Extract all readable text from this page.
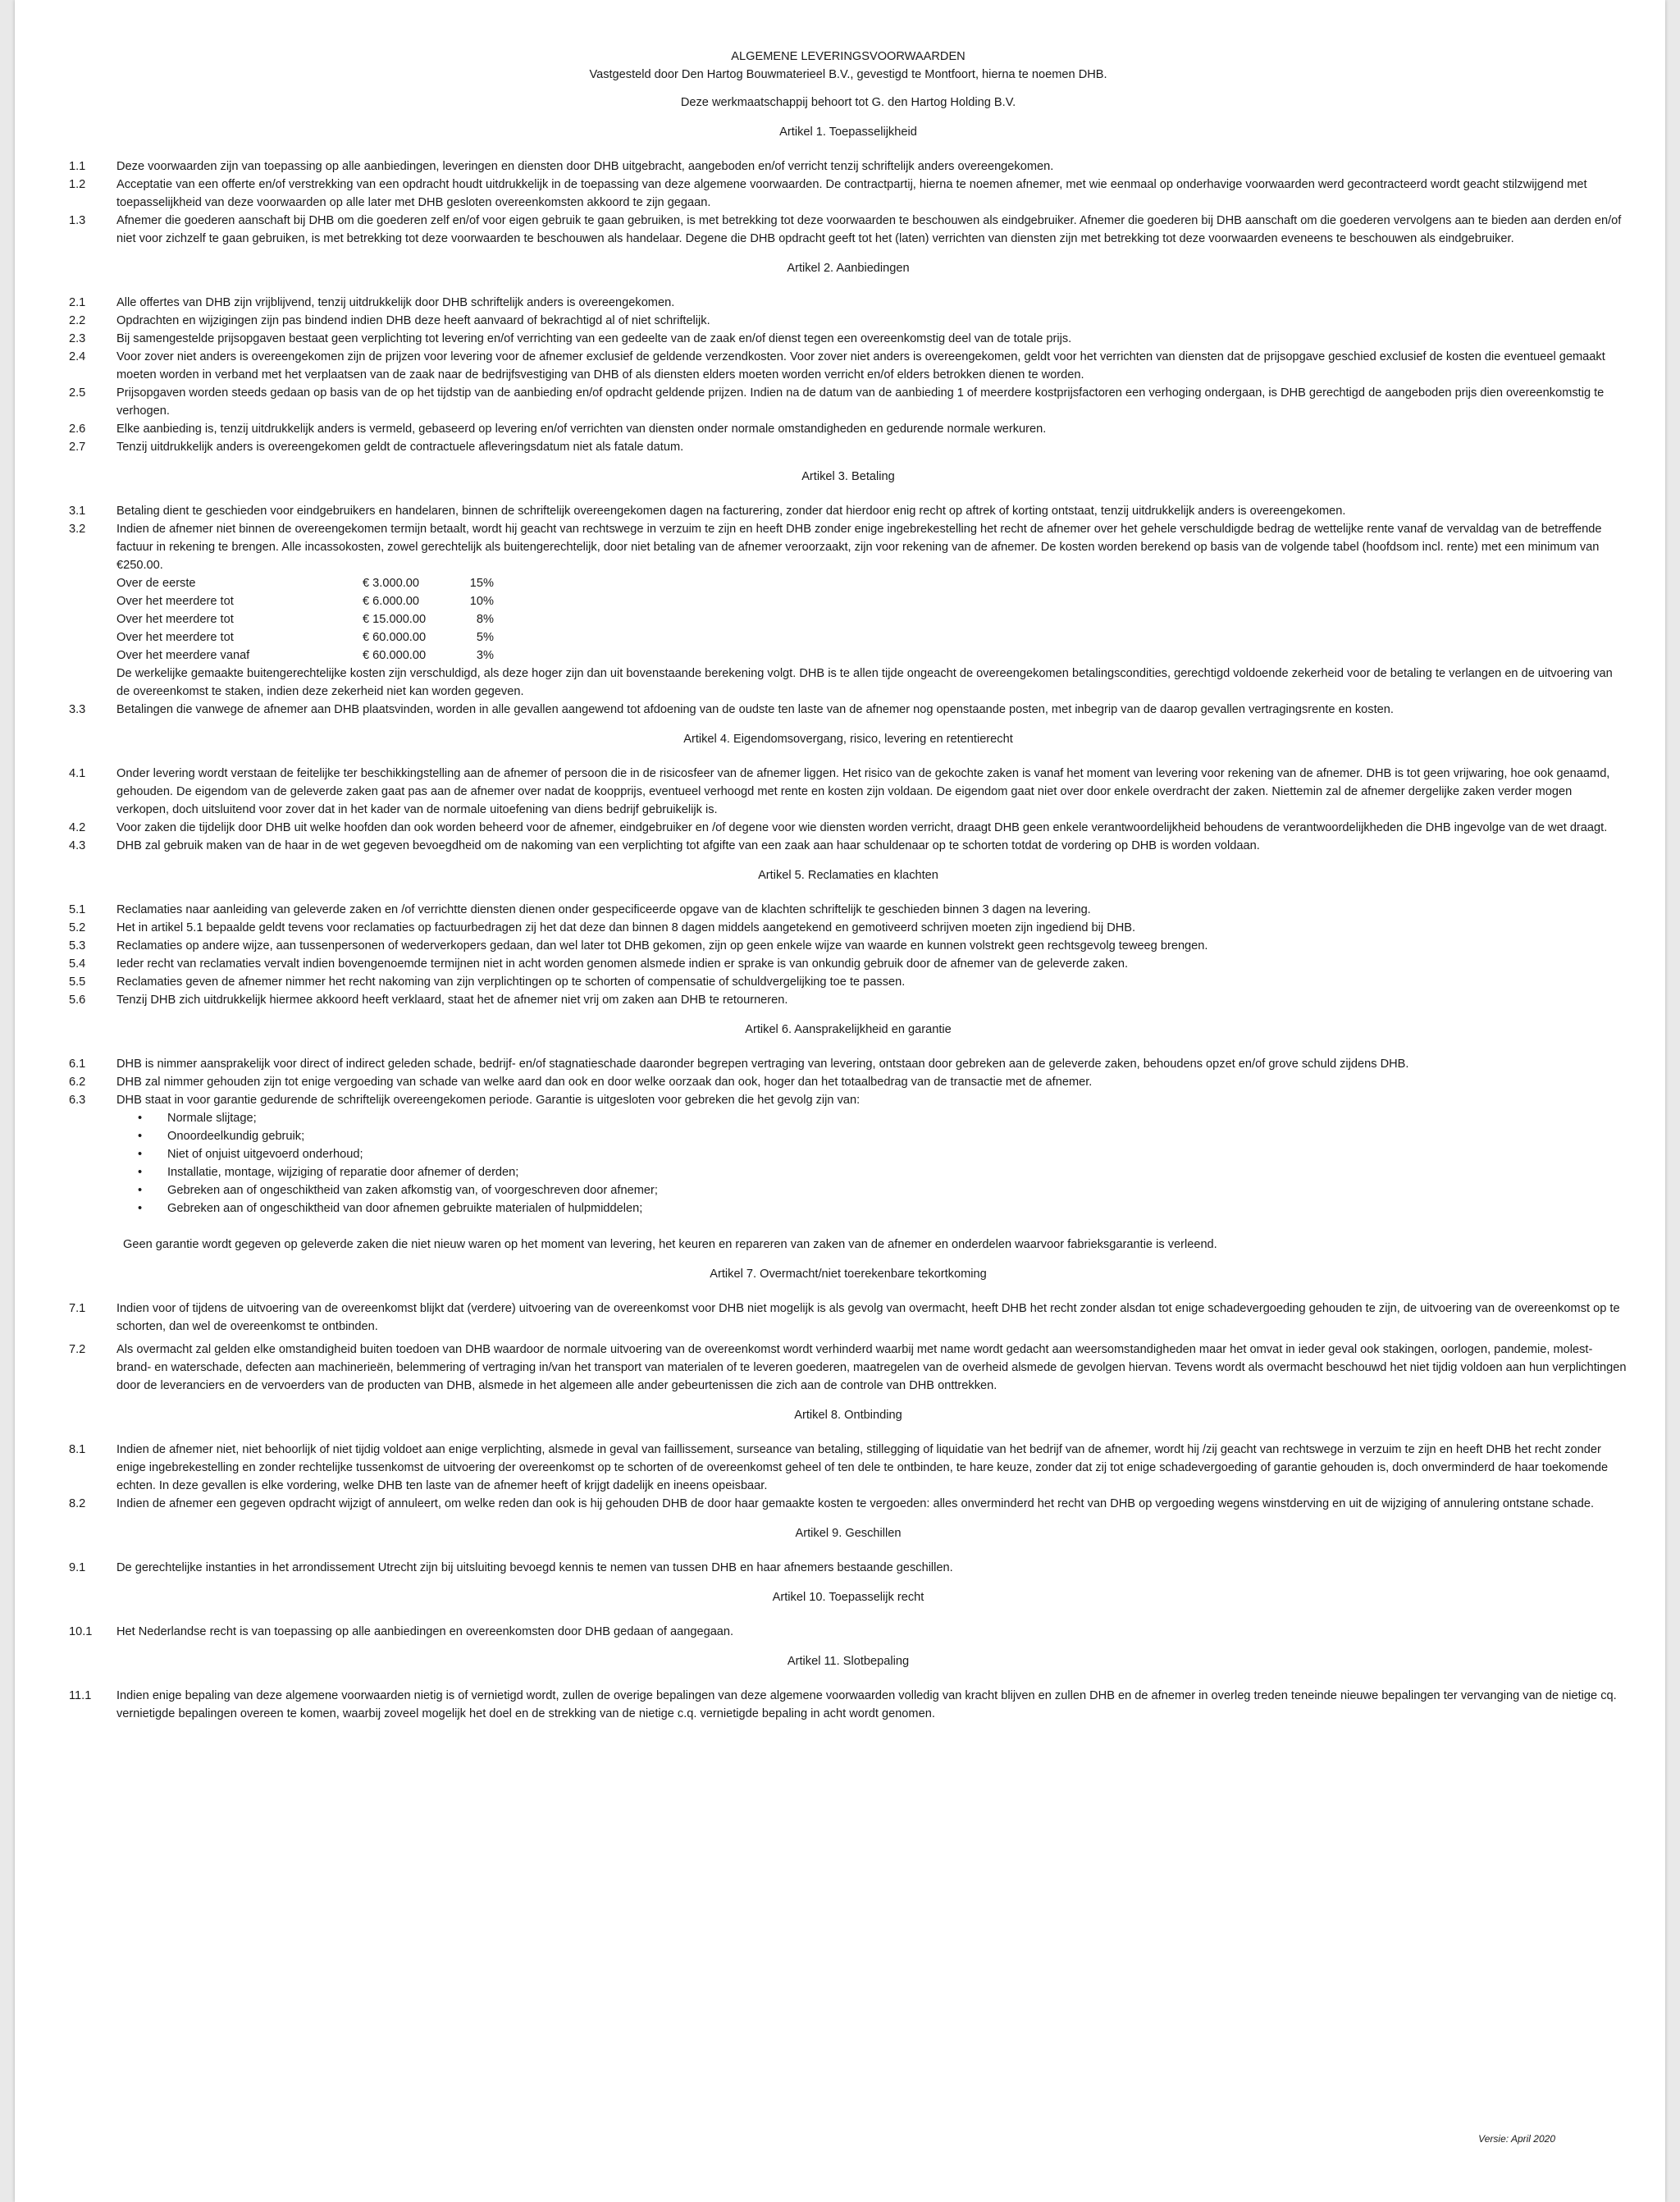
ALGEMENE LEVERINGSVOORWAARDEN
Vastgesteld door Den Hartog Bouwmaterieel B.V., gevestigd te Montfoort, hierna te noemen DHB.
Deze werkmaatschappij behoort tot G. den Hartog Holding B.V.
Artikel 1. Toepasselijkheid
1.1	Deze voorwaarden zijn van toepassing op alle aanbiedingen, leveringen en diensten door DHB uitgebracht, aangeboden en/of verricht tenzij schriftelijk anders overeengekomen.
1.2	Acceptatie van een offerte en/of verstrekking van een opdracht houdt uitdrukkelijk in de toepassing van deze algemene voorwaarden. De contractpartij, hierna te noemen afnemer, met wie eenmaal op onderhavige voorwaarden werd gecontracteerd wordt geacht stilzwijgend met toepasselijkheid van deze voorwaarden op alle later met DHB gesloten overeenkomsten akkoord te zijn gegaan.
1.3	Afnemer die goederen aanschaft bij DHB om die goederen zelf en/of voor eigen gebruik te gaan gebruiken, is met betrekking tot deze voorwaarden te beschouwen als eindgebruiker. Afnemer die goederen bij DHB aanschaft om die goederen vervolgens aan te bieden aan derden en/of niet voor zichzelf te gaan gebruiken, is met betrekking tot deze voorwaarden te beschouwen als handelaar. Degene die DHB opdracht geeft tot het (laten) verrichten van diensten zijn met betrekking tot deze voorwaarden eveneens te beschouwen als eindgebruiker.
Artikel 2. Aanbiedingen
2.1	Alle offertes van DHB zijn vrijblijvend, tenzij uitdrukkelijk door DHB schriftelijk anders is overeengekomen.
2.2	Opdrachten en wijzigingen zijn pas bindend indien DHB deze heeft aanvaard of bekrachtigd al of niet schriftelijk.
2.3	Bij samengestelde prijsopgaven bestaat geen verplichting tot levering en/of verrichting van een gedeelte van de zaak en/of dienst tegen een overeenkomstig deel van de totale prijs.
2.4	Voor zover niet anders is overeengekomen zijn de prijzen voor levering voor de afnemer exclusief de geldende verzendkosten. Voor zover niet anders is overeengekomen, geldt voor het verrichten van diensten dat de prijsopgave geschied exclusief de kosten die eventueel gemaakt moeten worden in verband met het verplaatsen van de zaak naar de bedrijfsvestiging van DHB of als diensten elders moeten worden verricht en/of elders betrokken dienen te worden.
2.5	Prijsopgaven worden steeds gedaan op basis van de op het tijdstip van de aanbieding en/of opdracht geldende prijzen. Indien na de datum van de aanbieding 1 of meerdere kostprijsfactoren een verhoging ondergaan, is DHB gerechtigd de aangeboden prijs dien overeenkomstig te verhogen.
2.6	Elke aanbieding is, tenzij uitdrukkelijk anders is vermeld, gebaseerd op levering en/of verrichten van diensten onder normale omstandigheden en gedurende normale werkuren.
2.7	Tenzij uitdrukkelijk anders is overeengekomen geldt de contractuele afleveringsdatum niet als fatale datum.
Artikel 3. Betaling
3.1	Betaling dient te geschieden voor eindgebruikers en handelaren, binnen de schriftelijk overeengekomen dagen na facturering, zonder dat hierdoor enig recht op aftrek of korting ontstaat, tenzij uitdrukkelijk anders is overeengekomen.
3.2	Indien de afnemer niet binnen de overeengekomen termijn betaalt, wordt hij geacht van rechtswege in verzuim te zijn en heeft DHB zonder enige ingebrekestelling het recht de afnemer over het gehele verschuldigde bedrag de wettelijke rente vanaf de vervaldag van de betreffende factuur in rekening te brengen. Alle incassokosten, zowel gerechtelijk als buitengerechtelijk, door niet betaling van de afnemer veroorzaakt, zijn voor rekening van de afnemer. De kosten worden berekend op basis van de volgende tabel (hoofdsom incl. rente) met een minimum van €250.00.
Over de eerste	€ 3.000.00	15%
Over het meerdere tot	€ 6.000.00	10%
Over het meerdere tot	€ 15.000.00	8%
Over het meerdere tot	€ 60.000.00	5%
Over het meerdere vanaf	€ 60.000.00	3%
De werkelijke gemaakte buitengerechtelijke kosten zijn verschuldigd, als deze hoger zijn dan uit bovenstaande berekening volgt. DHB is te allen tijde ongeacht de overeengekomen betalingscondities, gerechtigd voldoende zekerheid voor de betaling te verlangen en de uitvoering van de overeenkomst te staken, indien deze zekerheid niet kan worden gegeven.
3.3	Betalingen die vanwege de afnemer aan DHB plaatsvinden, worden in alle gevallen aangewend tot afdoening van de oudste ten laste van de afnemer nog openstaande posten, met inbegrip van de daarop gevallen vertragingsrente en kosten.
Artikel 4. Eigendomsovergang, risico, levering en retentierecht
4.1	Onder levering wordt verstaan de feitelijke ter beschikkingstelling aan de afnemer of persoon die in de risicosfeer van de afnemer liggen. Het risico van de gekochte zaken is vanaf het moment van levering voor rekening van de afnemer. DHB is tot geen vrijwaring, hoe ook genaamd, gehouden. De eigendom van de geleverde zaken gaat pas aan de afnemer over nadat de koopprijs, eventueel verhoogd met rente en kosten zijn voldaan. De eigendom gaat niet over door enkele overdracht der zaken. Niettemin zal de afnemer dergelijke zaken verder mogen verkopen, doch uitsluitend voor zover dat in het kader van de normale uitoefening van diens bedrijf gebruikelijk is.
4.2	Voor zaken die tijdelijk door DHB uit welke hoofden dan ook worden beheerd voor de afnemer, eindgebruiker en /of degene voor wie diensten worden verricht, draagt DHB geen enkele verantwoordelijkheid behoudens de verantwoordelijkheden die DHB ingevolge van de wet draagt.
4.3	DHB zal gebruik maken van de haar in de wet gegeven bevoegdheid om de nakoming van een verplichting tot afgifte van een zaak aan haar schuldenaar op te schorten totdat de vordering op DHB is worden voldaan.
Artikel 5. Reclamaties en klachten
5.1	Reclamaties naar aanleiding van geleverde zaken en /of verrichtte diensten dienen onder gespecificeerde opgave van de klachten schriftelijk te geschieden binnen 3 dagen na levering.
5.2	Het in artikel 5.1 bepaalde geldt tevens voor reclamaties op factuurbedragen zij het dat deze dan binnen 8 dagen middels aangetekend en gemotiveerd schrijven moeten zijn ingediend bij DHB.
5.3	Reclamaties op andere wijze, aan tussenpersonen of wederverkopers gedaan, dan wel later tot DHB gekomen, zijn op geen enkele wijze van waarde en kunnen volstrekt geen rechtsgevolg teweeg brengen.
5.4	Ieder recht van reclamaties vervalt indien bovengenoemde termijnen niet in acht worden genomen alsmede indien er sprake is van onkundig gebruik door de afnemer van de geleverde zaken.
5.5	Reclamaties geven de afnemer nimmer het recht nakoming van zijn verplichtingen op te schorten of compensatie of schuldvergelijking toe te passen.
5.6	Tenzij DHB zich uitdrukkelijk hiermee akkoord heeft verklaard, staat het de afnemer niet vrij om zaken aan DHB te retourneren.
Artikel 6. Aansprakelijkheid en garantie
6.1	DHB is nimmer aansprakelijk voor direct of indirect geleden schade, bedrijf- en/of stagnatieschade daaronder begrepen vertraging van levering, ontstaan door gebreken aan de geleverde zaken, behoudens opzet en/of grove schuld zijdens DHB.
6.2	DHB zal nimmer gehouden zijn tot enige vergoeding van schade van welke aard dan ook en door welke oorzaak dan ook, hoger dan het totaalbedrag van de transactie met de afnemer.
6.3	DHB staat in voor garantie gedurende de schriftelijk overeengekomen periode. Garantie is uitgesloten voor gebreken die het gevolg zijn van:
• Normale slijtage;
• Onoordeelkundig gebruik;
• Niet of onjuist uitgevoerd onderhoud;
• Installatie, montage, wijziging of reparatie door afnemer of derden;
• Gebreken aan of ongeschiktheid van zaken afkomstig van, of voorgeschreven door afnemer;
• Gebreken aan of ongeschiktheid van door afnemen gebruikte materialen of hulpmiddelen;
Geen garantie wordt gegeven op geleverde zaken die niet nieuw waren op het moment van levering, het keuren en repareren van zaken van de afnemer en onderdelen waarvoor fabrieksgarantie is verleend.
Artikel 7. Overmacht/niet toerekenbare tekortkoming
7.1	Indien voor of tijdens de uitvoering van de overeenkomst blijkt dat (verdere) uitvoering van de overeenkomst voor DHB niet mogelijk is als gevolg van overmacht, heeft DHB het recht zonder alsdan tot enige schadevergoeding gehouden te zijn, de uitvoering van de overeenkomst op te schorten, dan wel de overeenkomst te ontbinden.
7.2	Als overmacht zal gelden elke omstandigheid buiten toedoen van DHB waardoor de normale uitvoering van de overeenkomst wordt verhinderd waarbij met name wordt gedacht aan weersomstandigheden maar het omvat in ieder geval ook stakingen, oorlogen, pandemie, molest- brand- en waterschade, defecten aan machinerieën, belemmering of vertraging in/van het transport van materialen of te leveren goederen, maatregelen van de overheid alsmede de gevolgen hiervan. Tevens wordt als overmacht beschouwd het niet tijdig voldoen aan hun verplichtingen door de leveranciers en de vervoerders van de producten van DHB, alsmede in het algemeen alle ander gebeurtenissen die zich aan de controle van DHB onttrekken.
Artikel 8. Ontbinding
8.1	Indien de afnemer niet, niet behoorlijk of niet tijdig voldoet aan enige verplichting, alsmede in geval van faillissement, surseance van betaling, stillegging of liquidatie van het bedrijf van de afnemer, wordt hij /zij geacht van rechtswege in verzuim te zijn en heeft DHB het recht zonder enige ingebrekestelling en zonder rechtelijke tussenkomst de uitvoering der overeenkomst op te schorten of de overeenkomst geheel of ten dele te ontbinden, te hare keuze, zonder dat zij tot enige schadevergoeding of garantie gehouden is, doch onverminderd de haar toekomende echten. In deze gevallen is elke vordering, welke DHB ten laste van de afnemer heeft of krijgt dadelijk en ineens opeisbaar.
8.2	Indien de afnemer een gegeven opdracht wijzigt of annuleert, om welke reden dan ook is hij gehouden DHB de door haar gemaakte kosten te vergoeden: alles onverminderd het recht van DHB op vergoeding wegens winstderving en uit de wijziging of annulering ontstane schade.
Artikel 9. Geschillen
9.1	De gerechtelijke instanties in het arrondissement Utrecht zijn bij uitsluiting bevoegd kennis te nemen van tussen DHB en haar afnemers bestaande geschillen.
Artikel 10. Toepasselijk recht
10.1 Het Nederlandse recht is van toepassing op alle aanbiedingen en overeenkomsten door DHB gedaan of aangegaan.
Artikel 11. Slotbepaling
11.1 Indien enige bepaling van deze algemene voorwaarden nietig is of vernietigd wordt, zullen de overige bepalingen van deze algemene voorwaarden volledig van kracht blijven en zullen DHB en de afnemer in overleg treden teneinde nieuwe bepalingen ter vervanging van de nietige cq. vernietigde bepalingen overeen te komen, waarbij zoveel mogelijk het doel en de strekking van de nietige c.q. vernietigde bepaling in acht wordt genomen.
Versie: April 2020
